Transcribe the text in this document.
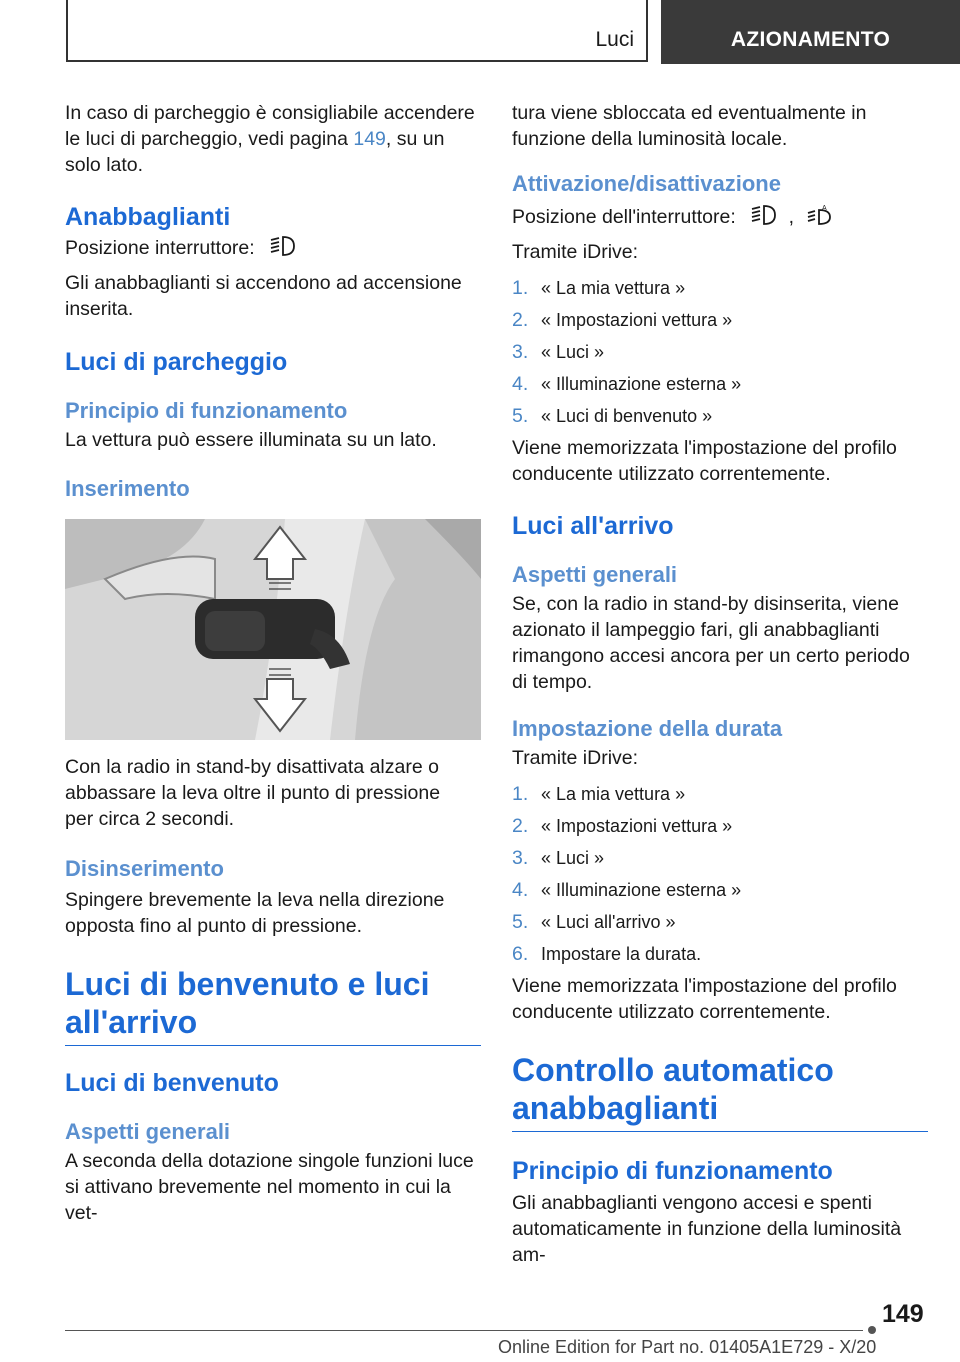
Luci	AZIONAMENTO

In caso di parcheggio è consigliabile accendere le luci di parcheggio, vedi pagina 149, su un solo lato.

Anabbaglianti

Posizione interruttore:

Gli anabbaglianti si accendono ad accensione inserita.

Luci di parcheggio
Principio di funzionamento

La vettura può essere illuminata su un lato.

Inserimento

Con la radio in stand-by disattivata alzare o abbassare la leva oltre il punto di pressione per circa 2 secondi.

Disinserimento

Spingere brevemente la leva nella direzione opposta fino al punto di pressione.

Luci di benvenuto e luci all'arrivo
Luci di benvenuto
Aspetti generali

A seconda della dotazione singole funzioni luce si attivano brevemente nel momento in cui la vet-

tura viene sbloccata ed eventualmente in funzione della luminosità locale.

Attivazione/disattivazione

Posizione dell'interruttore:	,	A

Tramite iDrive:

1. « La mia vettura »
2. « Impostazioni vettura »
3. « Luci »
4. « Illuminazione esterna »
5. « Luci di benvenuto »

Viene memorizzata l'impostazione del profilo conducente utilizzato correntemente.

Luci all'arrivo
Aspetti generali

Se, con la radio in stand-by disinserita, viene azionato il lampeggio fari, gli anabbaglianti rimangono accesi ancora per un certo periodo di tempo.

Impostazione della durata

Tramite iDrive:

1. « La mia vettura »
2. « Impostazioni vettura »
3. « Luci »
4. « Illuminazione esterna »
5. « Luci all'arrivo »
6. Impostare la durata.

Viene memorizzata l'impostazione del profilo conducente utilizzato correntemente.

Controllo automatico anabbaglianti
Principio di funzionamento

Gli anabbaglianti vengono accesi e spenti automaticamente in funzione della luminosità am-

149
Online Edition for Part no. 01405A1E729 - X/20
